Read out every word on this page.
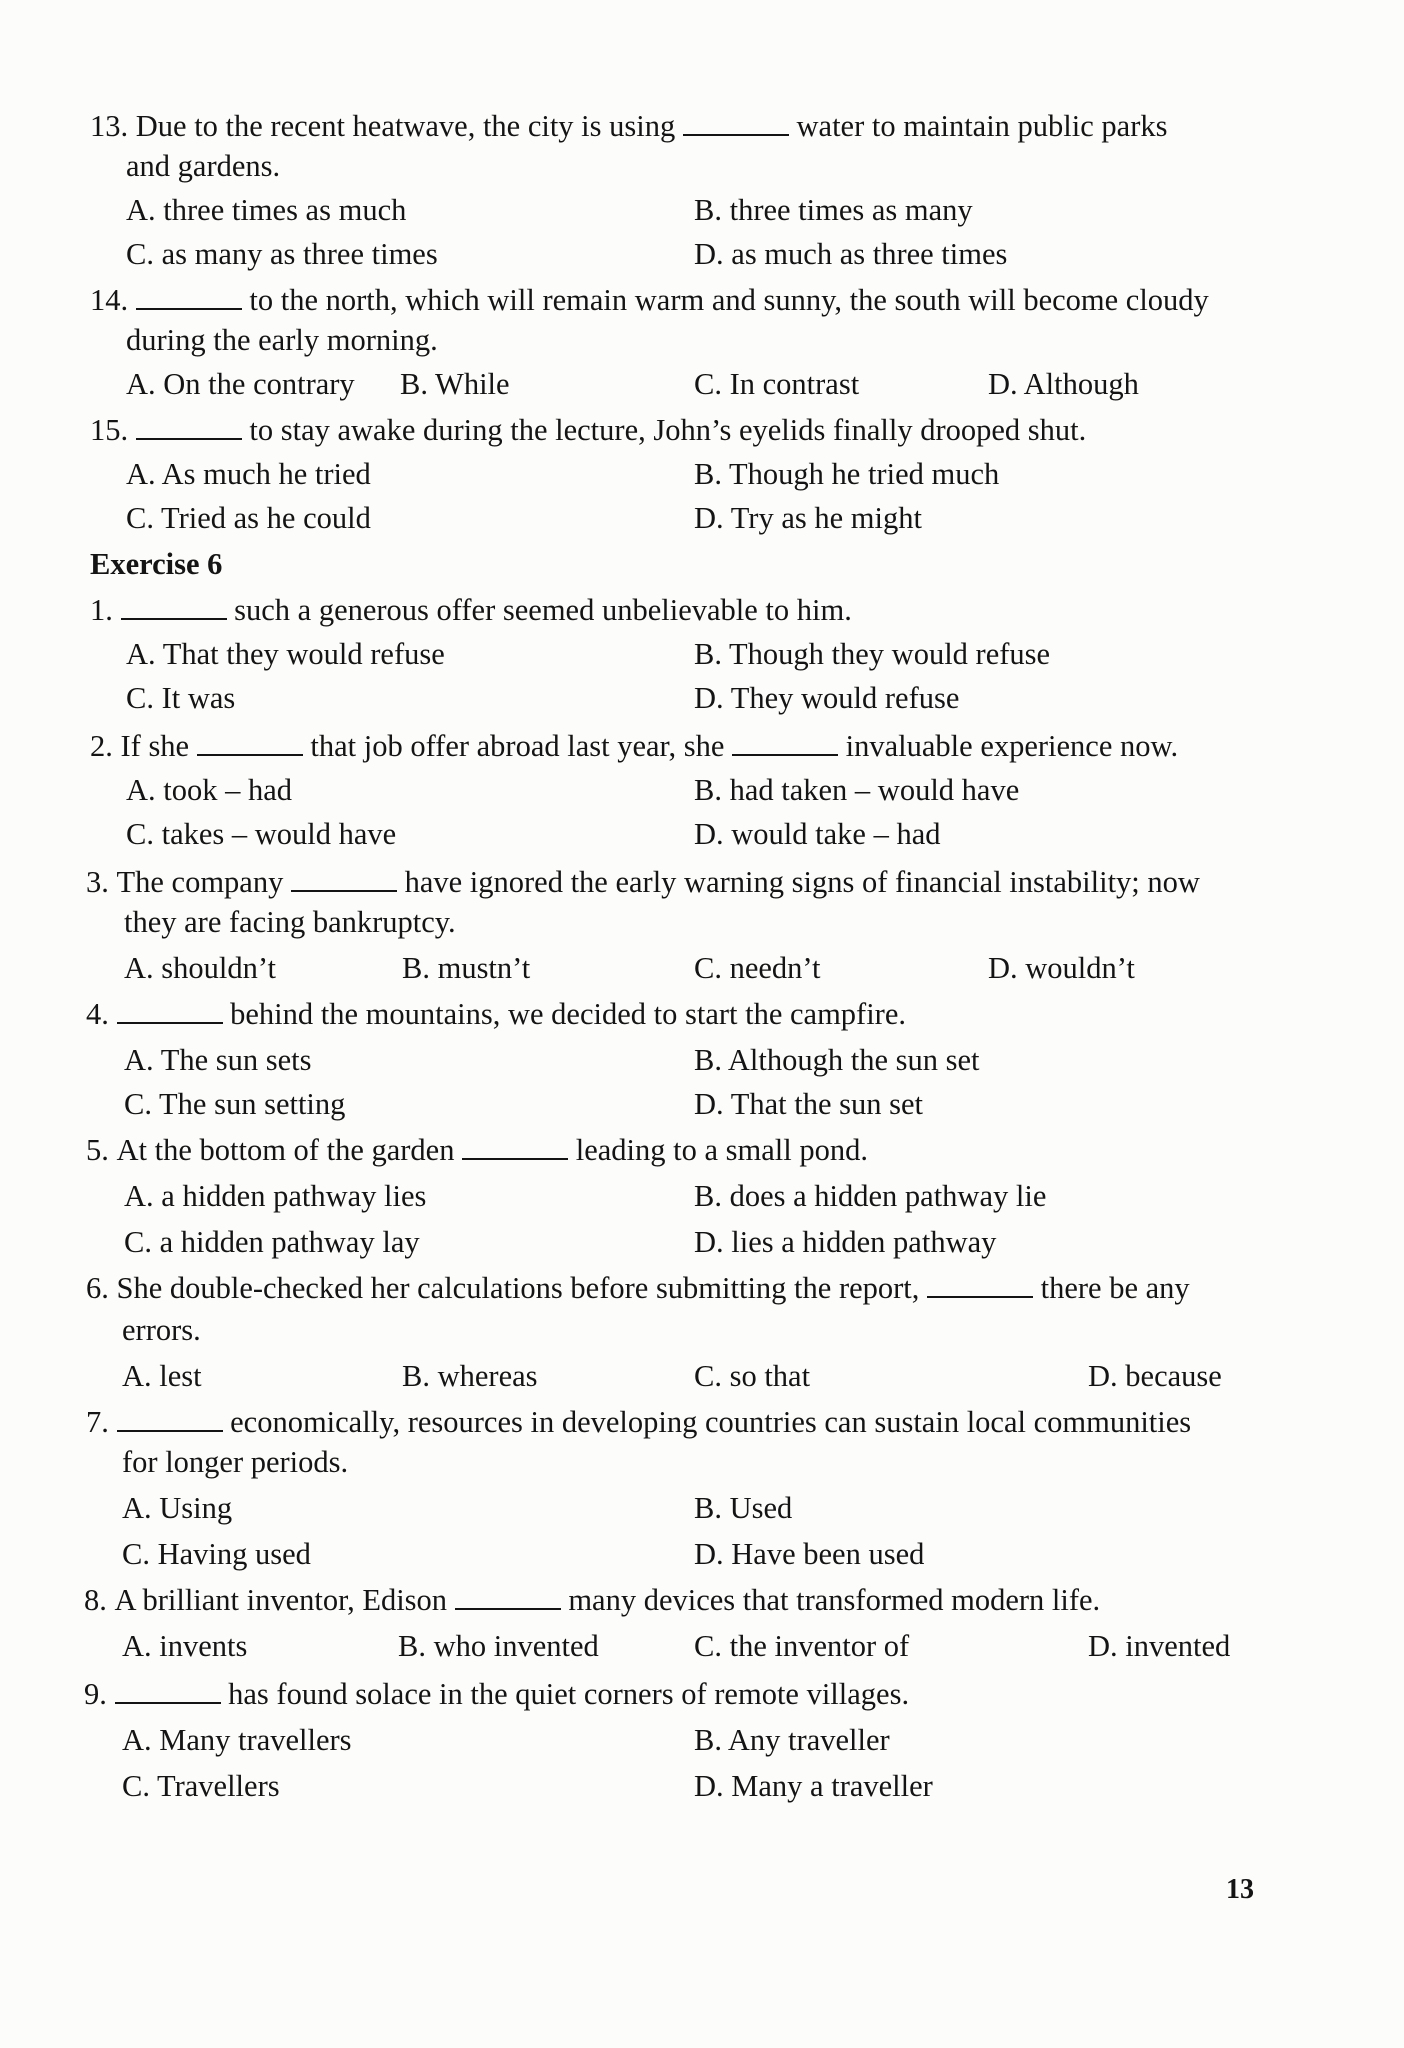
13. Due to the recent heatwave, the city is using	water to maintain public parks
and gardens.
A. three times as much	B. three times as many
C. as many as three times	D. as much as three times
14.	to the north, which will remain warm and sunny, the south will become cloudy
during the early morning.
A. On the contrary B. While	C. In contrast	D. Although
15.	to stay awake during the lecture, John’s eyelids finally drooped shut.
A. As much he tried	B. Though he tried much
C. Tried as he could	D. Try as he might
Exercise 6
1.	such a generous offer seemed unbelievable to him.
A. That they would refuse	B. Though they would refuse
C. It was	D. They would refuse
2. If she	that job offer abroad last year, she	invaluable experience now.
A. took – had	B. had taken – would have
C. takes – would have	D. would take – had
3. The company	have ignored the early warning signs of financial instability; now
they are facing bankruptcy.
A. shouldn’t	B. mustn’t	C. needn’t	D. wouldn’t
4.	behind the mountains, we decided to start the campfire.
A. The sun sets	B. Although the sun set
C. The sun setting	D. That the sun set
5. At the bottom of the garden	leading to a small pond.
A. a hidden pathway lies	B. does a hidden pathway lie
C. a hidden pathway lay	D. lies a hidden pathway
6. She double-checked her calculations before submitting the report,	there be any
errors.
A. lest	B. whereas	C. so that	D. because
7.	economically, resources in developing countries can sustain local communities
for longer periods.
A. Using	B. Used
C. Having used	D. Have been used
8. A brilliant inventor, Edison	many devices that transformed modern life.
A. invents	B. who invented	C. the inventor of	D. invented
9.	has found solace in the quiet corners of remote villages.
A. Many travellers	B. Any traveller
C. Travellers	D. Many a traveller
13
